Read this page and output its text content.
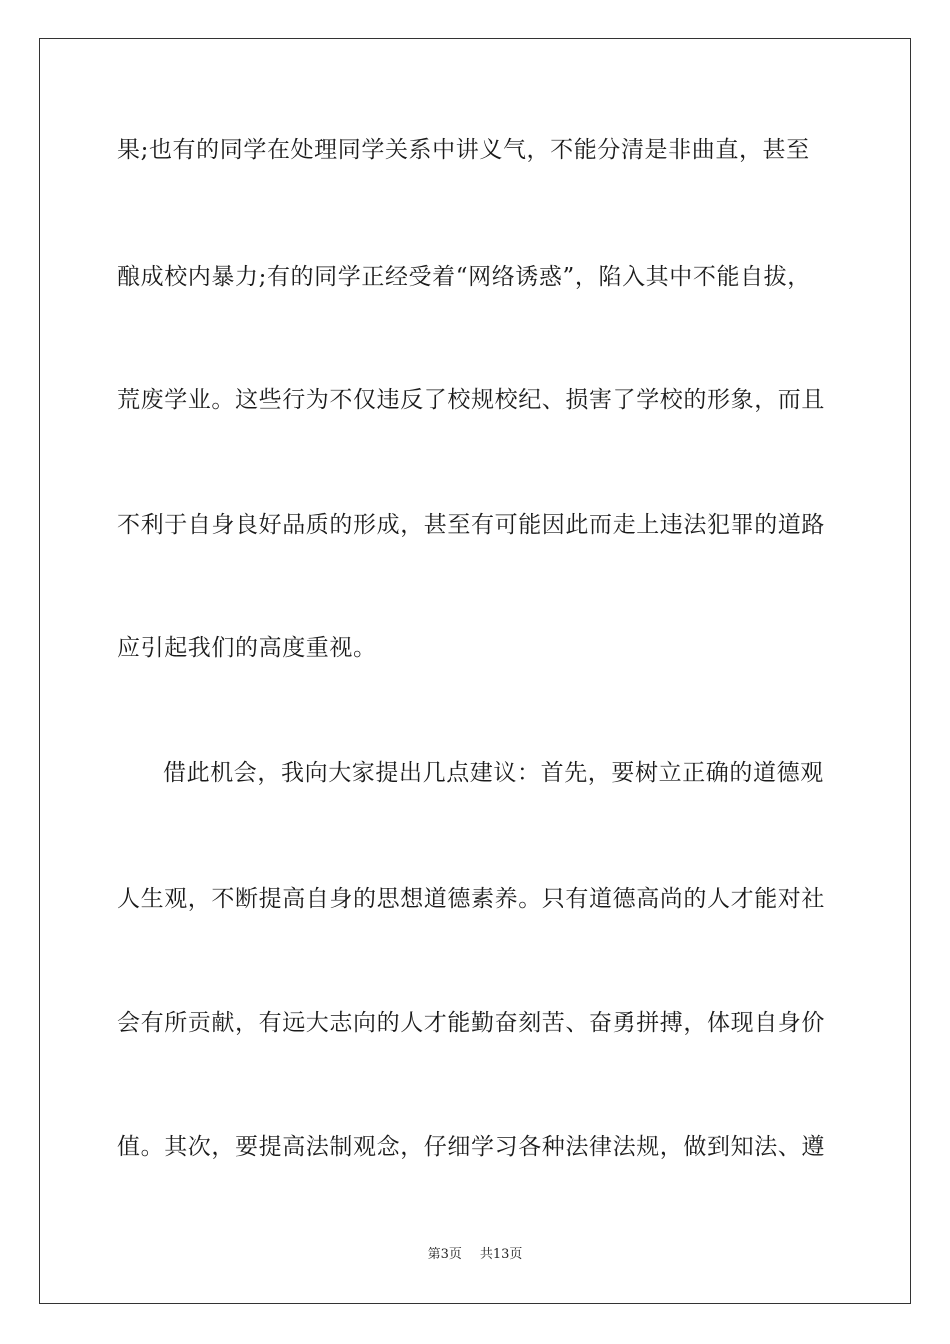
果;也有的同学在处理同学关系中讲义气，不能分清是非曲直，甚至
酿成校内暴力;有的同学正经受着“网络诱惑”，陷入其中不能自拔，
荒废学业。这些行为不仅违反了校规校纪、损害了学校的形象，而且
不利于自身良好品质的形成，甚至有可能因此而走上违法犯罪的道路
应引起我们的高度重视。
借此机会，我向大家提出几点建议：首先，要树立正确的道德观
人生观，不断提高自身的思想道德素养。只有道德高尚的人才能对社
会有所贡献，有远大志向的人才能勤奋刻苦、奋勇拼搏，体现自身价
值。其次，要提高法制观念，仔细学习各种法律法规，做到知法、遵
第3页 共13页
